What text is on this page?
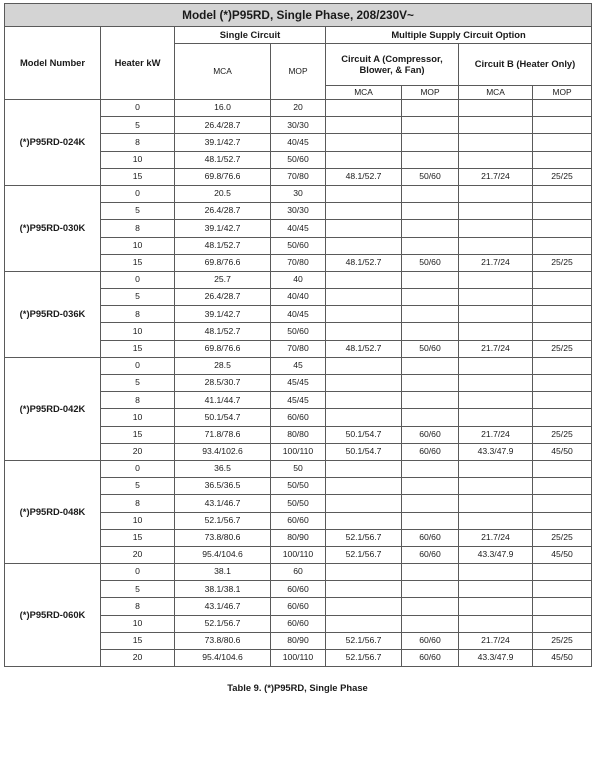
Model (*)P95RD, Single Phase, 208/230V~							
Model Number	Heater kW	Single Circuit		Multiple Supply Circuit Option			
		MCA	MOP	Circuit A (Compressor, Blower, & Fan)		Circuit B (Heater Only)	
				MCA	MOP	MCA	MOP
(*)P95RD-024K	0	16.0	20				
	5	26.4/28.7	30/30				
	8	39.1/42.7	40/45				
	10	48.1/52.7	50/60				
	15	69.8/76.6	70/80	48.1/52.7	50/60	21.7/24	25/25
(*)P95RD-030K	0	20.5	30				
	5	26.4/28.7	30/30				
	8	39.1/42.7	40/45				
	10	48.1/52.7	50/60				
	15	69.8/76.6	70/80	48.1/52.7	50/60	21.7/24	25/25
(*)P95RD-036K	0	25.7	40				
	5	26.4/28.7	40/40				
	8	39.1/42.7	40/45				
	10	48.1/52.7	50/60				
	15	69.8/76.6	70/80	48.1/52.7	50/60	21.7/24	25/25
(*)P95RD-042K	0	28.5	45				
	5	28.5/30.7	45/45				
	8	41.1/44.7	45/45				
	10	50.1/54.7	60/60				
	15	71.8/78.6	80/80	50.1/54.7	60/60	21.7/24	25/25
	20	93.4/102.6	100/110	50.1/54.7	60/60	43.3/47.9	45/50
(*)P95RD-048K	0	36.5	50				
	5	36.5/36.5	50/50				
	8	43.1/46.7	50/50				
	10	52.1/56.7	60/60				
	15	73.8/80.6	80/90	52.1/56.7	60/60	21.7/24	25/25
	20	95.4/104.6	100/110	52.1/56.7	60/60	43.3/47.9	45/50
(*)P95RD-060K	0	38.1	60				
	5	38.1/38.1	60/60				
	8	43.1/46.7	60/60				
	10	52.1/56.7	60/60				
	15	73.8/80.6	80/90	52.1/56.7	60/60	21.7/24	25/25
	20	95.4/104.6	100/110	52.1/56.7	60/60	43.3/47.9	45/50
Table 9. (*)P95RD, Single Phase
